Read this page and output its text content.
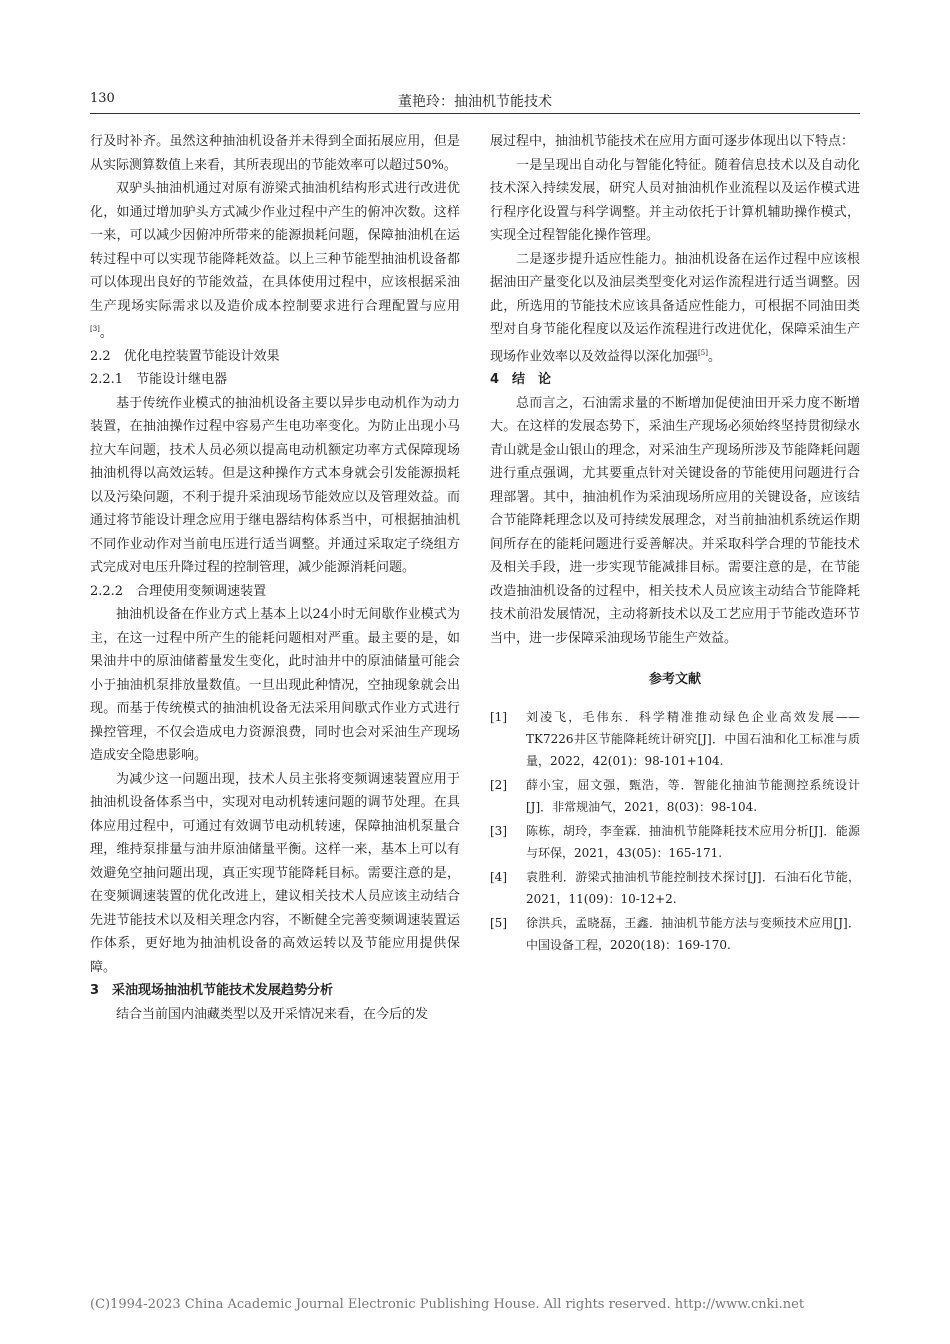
130	董艳玲：抽油机节能技术

行及时补齐。虽然这种抽油机设备并未得到全面拓展应用，但是从实际测算数值上来看，其所表现出的节能效率可以超过50%。

双驴头抽油机通过对原有游梁式抽油机结构形式进行改进优化，如通过增加驴头方式减少作业过程中产生的俯冲次数。这样一来，可以减少因俯冲所带来的能源损耗问题，保障抽油机在运转过程中可以实现节能降耗效益。以上三种节能型抽油机设备都可以体现出良好的节能效益，在具体使用过程中，应该根据采油生产现场实际需求以及造价成本控制要求进行合理配置与应用[3]。

2.2　优化电控装置节能设计效果

2.2.1　节能设计继电器

基于传统作业模式的抽油机设备主要以异步电动机作为动力装置，在抽油操作过程中容易产生电功率变化。为防止出现小马拉大车问题，技术人员必须以提高电动机额定功率方式保障现场抽油机得以高效运转。但是这种操作方式本身就会引发能源损耗以及污染问题，不利于提升采油现场节能效应以及管理效益。而通过将节能设计理念应用于继电器结构体系当中，可根据抽油机不同作业动作对当前电压进行适当调整。并通过采取定子绕组方式完成对电压升降过程的控制管理，减少能源消耗问题。

2.2.2　合理使用变频调速装置

抽油机设备在作业方式上基本上以24小时无间歇作业模式为主，在这一过程中所产生的能耗问题相对严重。最主要的是，如果油井中的原油储蓄量发生变化，此时油井中的原油储量可能会小于抽油机泵排放量数值。一旦出现此种情况，空抽现象就会出现。而基于传统模式的抽油机设备无法采用间歇式作业方式进行操控管理，不仅会造成电力资源浪费，同时也会对采油生产现场造成安全隐患影响。

为减少这一问题出现，技术人员主张将变频调速装置应用于抽油机设备体系当中，实现对电动机转速问题的调节处理。在具体应用过程中，可通过有效调节电动机转速，保障抽油机泵量合理，维持泵排量与油井原油储量平衡。这样一来，基本上可以有效避免空抽问题出现，真正实现节能降耗目标。需要注意的是，在变频调速装置的优化改进上，建议相关技术人员应该主动结合先进节能技术以及相关理念内容，不断健全完善变频调速装置运作体系，更好地为抽油机设备的高效运转以及节能应用提供保障。

3　采油现场抽油机节能技术发展趋势分析

结合当前国内油藏类型以及开采情况来看，在今后的发

展过程中，抽油机节能技术在应用方面可逐步体现出以下特点：

一是呈现出自动化与智能化特征。随着信息技术以及自动化技术深入持续发展，研究人员对抽油机作业流程以及运作模式进行程序化设置与科学调整。并主动依托于计算机辅助操作模式，实现全过程智能化操作管理。

二是逐步提升适应性能力。抽油机设备在运作过程中应该根据油田产量变化以及油层类型变化对运作流程进行适当调整。因此，所选用的节能技术应该具备适应性能力，可根据不同油田类型对自身节能化程度以及运作流程进行改进优化，保障采油生产现场作业效率以及效益得以深化加强[5]。

4　结　论

总而言之，石油需求量的不断增加促使油田开采力度不断增大。在这样的发展态势下，采油生产现场必须始终坚持贯彻绿水青山就是金山银山的理念，对采油生产现场所涉及节能降耗问题进行重点强调，尤其要重点针对关键设备的节能使用问题进行合理部署。其中，抽油机作为采油现场所应用的关键设备，应该结合节能降耗理念以及可持续发展理念，对当前抽油机系统运作期间所存在的能耗问题进行妥善解决。并采取科学合理的节能技术及相关手段，进一步实现节能减排目标。需要注意的是，在节能改造抽油机设备的过程中，相关技术人员应该主动结合节能降耗技术前沿发展情况，主动将新技术以及工艺应用于节能改造环节当中，进一步保障采油现场节能生产效益。

参考文献
[1] 刘凌飞，毛伟东．科学精准推动绿色企业高效发展——TK7226井区节能降耗统计研究[J]．中国石油和化工标准与质量，2022，42(01)：98-101+104.
[2] 薛小宝，屈文强，甄浩，等．智能化抽油节能测控系统设计[J]．非常规油气，2021，8(03)：98-104.
[3] 陈栋，胡玲，李奎霖．抽油机节能降耗技术应用分析[J]．能源与环保，2021，43(05)：165-171.
[4] 袁胜利．游梁式抽油机节能控制技术探讨[J]．石油石化节能，2021，11(09)：10-12+2.
[5] 徐洪兵，孟晓磊，王鑫．抽油机节能方法与变频技术应用[J]．中国设备工程，2020(18)：169-170.
(C)1994-2023 China Academic Journal Electronic Publishing House. All rights reserved. http://www.cnki.net
